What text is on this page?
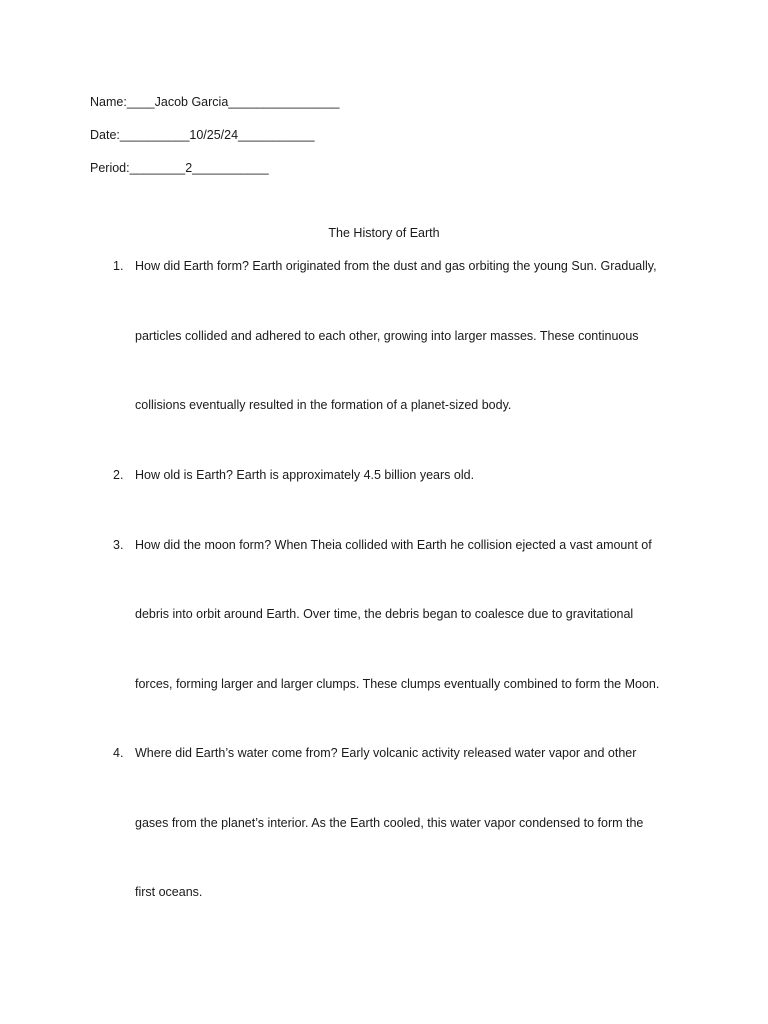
Name:____Jacob Garcia________________
Date:__________10/25/24___________
Period:________2___________
The History of Earth
1. How did Earth form? Earth originated from the dust and gas orbiting the young Sun. Gradually,
particles collided and adhered to each other, growing into larger masses. These continuous
collisions eventually resulted in the formation of a planet-sized body.
2. How old is Earth? Earth is approximately 4.5 billion years old.
3. How did the moon form? When Theia collided with Earth he collision ejected a vast amount of
debris into orbit around Earth. Over time, the debris began to coalesce due to gravitational
forces, forming larger and larger clumps. These clumps eventually combined to form the Moon.
4. Where did Earth’s water come from? Early volcanic activity released water vapor and other
gases from the planet’s interior. As the Earth cooled, this water vapor condensed to form the
first oceans.
